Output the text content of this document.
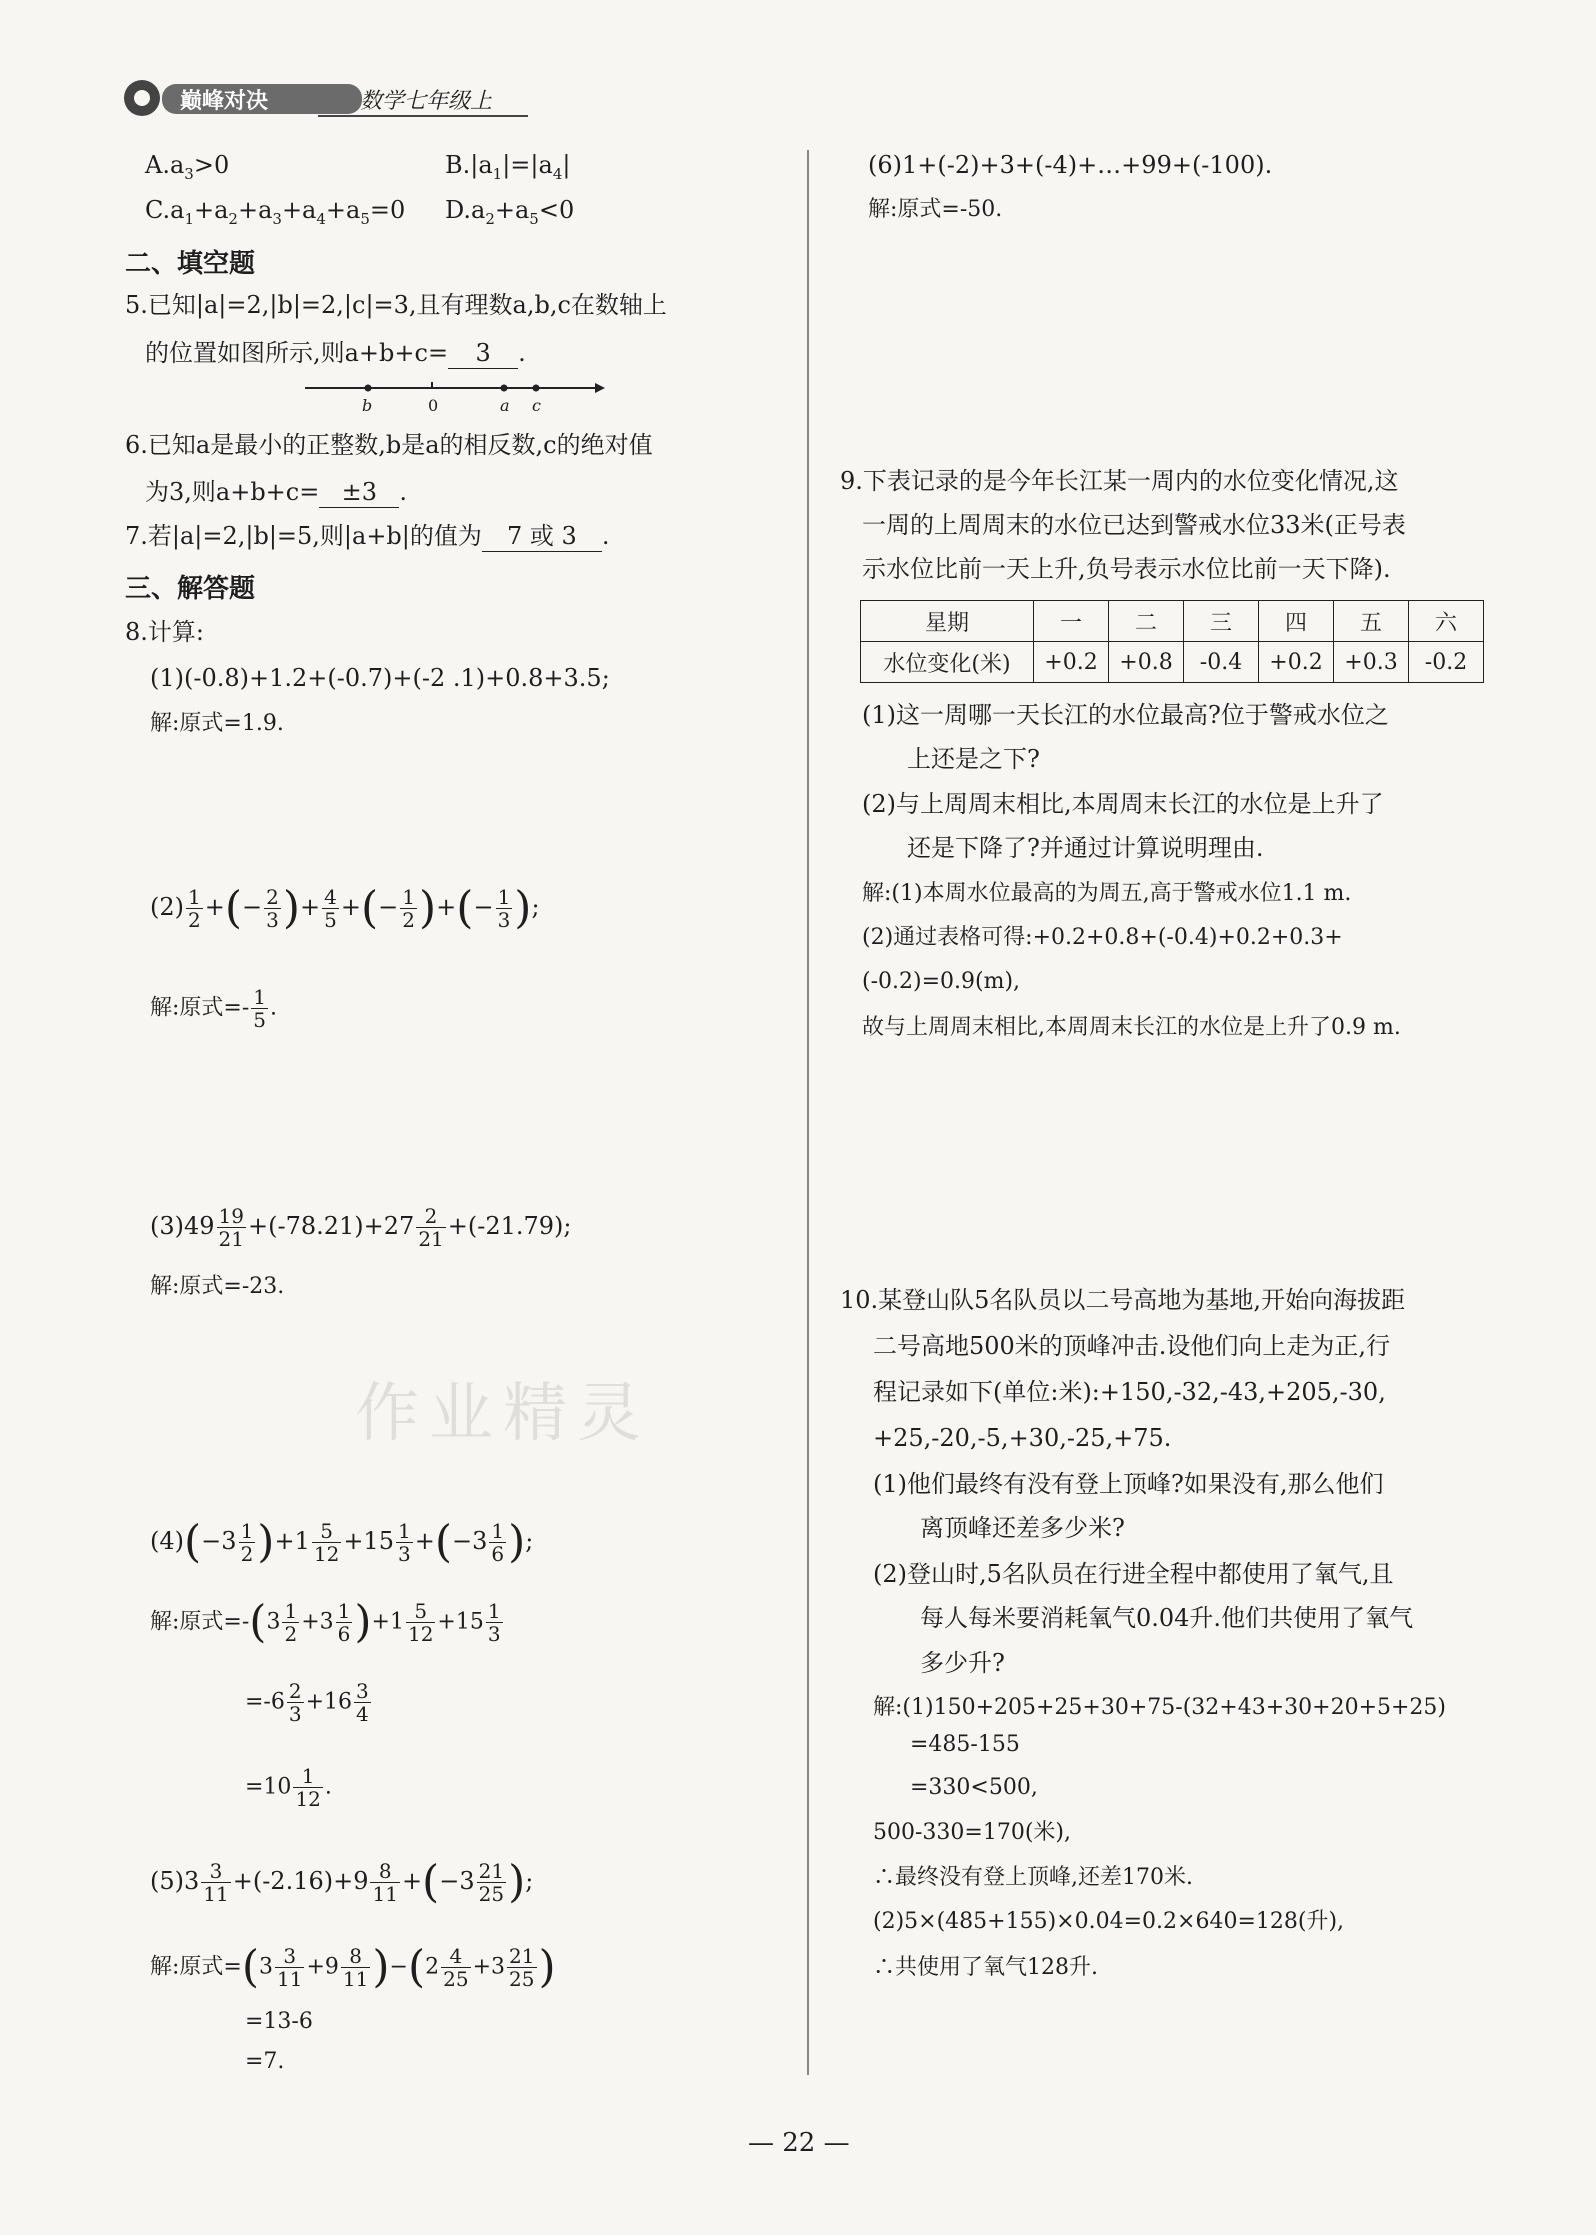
巅峰对决	数学七年级上
$A.a_3>0$	$B.|a_1|=|a_4|$
$C.a_1+a_2+a_3+a_4+a_5=0$ $D.a_2+a_5<0$
二、填空题
5.已知|a|=2,|b|=2,|c|=3,且有理数a,b,c在数轴上
的位置如图所示,则a+b+c= 3 .
b	0	a c
6.已知a是最小的正整数,b是a的相反数,c的绝对值
为3,则a+b+c= ±3 .
7.若|a|=2,|b|=5,则|a+b|的值为 7 或 3 .
三、解答题
8.计算:
(1)(-0.8)+1.2+(-0.7)+(-2 .1)+0.8+3.5;
解:原式=1.9.
$(2) \frac{1}{2}$ +(− $\frac{2}{3}$ )+ $\frac{4}{5}$ +(− $\frac{1}{2}$ )+(− $\frac{1}{3}$ );
解:原式=- $\frac{1}{5}$ .
$(3)49 \frac{19}{21} +(-78.21)+27 \frac{2}{21} +(-21.79)$;
解:原式=-23.
作业精灵
$(4)(-3 \frac{1}{2} )+1 \frac{5}{12} +15 \frac{1}{3} +(-3 \frac{1}{6}$ );
解:原式$=-(3 \frac{1}{2} +3 \frac{1}{6} )+1 \frac{5}{12} +15 \frac{1}{3}$
$=-6 \frac{2}{3} +16 \frac{3}{4}$
$=10 \frac{1}{12}$ .
$(5)3 \frac{3}{11} +(-2.16)+9 \frac{8}{11} +(-3 \frac{21}{25}$ );
解:原式$=(3 \frac{3}{11} +9 \frac{8}{11} )-(2 \frac{4}{25} +3 \frac{21}{25}$ )
=13-6
=7.
(6)1+(-2)+3+(-4)+…+99+(-100).
解:原式=-50.
9.下表记录的是今年长江某一周内的水位变化情况,这
一周的上周周末的水位已达到警戒水位33米(正号表
示水位比前一天上升,负号表示水位比前一天下降).
星期	一	二	三	四	五	六
水位变化(米)	+0.2	+0.8	-0.4	+0.2	+0.3	-0.2
(1)这一周哪一天长江的水位最高?位于警戒水位之
上还是之下?
(2)与上周周末相比,本周周末长江的水位是上升了
还是下降了?并通过计算说明理由.
解:(1)本周水位最高的为周五,高于警戒水位1.1 m.
(2)通过表格可得:+0.2+0.8+(-0.4)+0.2+0.3+
(-0.2)=0.9(m),
故与上周周末相比,本周周末长江的水位是上升了0.9 m.
10.某登山队5名队员以二号高地为基地,开始向海拔距
二号高地500米的顶峰冲击.设他们向上走为正,行
程记录如下(单位:米):+150,-32,-43,+205,-30,
+25,-20,-5,+30,-25,+75.
(1)他们最终有没有登上顶峰?如果没有,那么他们
离顶峰还差多少米?
(2)登山时,5名队员在行进全程中都使用了氧气,且
每人每米要消耗氧气0.04升.他们共使用了氧气
多少升?
解:(1)150+205+25+30+75-(32+43+30+20+5+25)
=485-155
=330<500,
500-330=170(米),
∴最终没有登上顶峰,还差170米.
(2)5×(485+155)×0.04=0.2×640=128(升),
∴共使用了氧气128升.
— 22 —
